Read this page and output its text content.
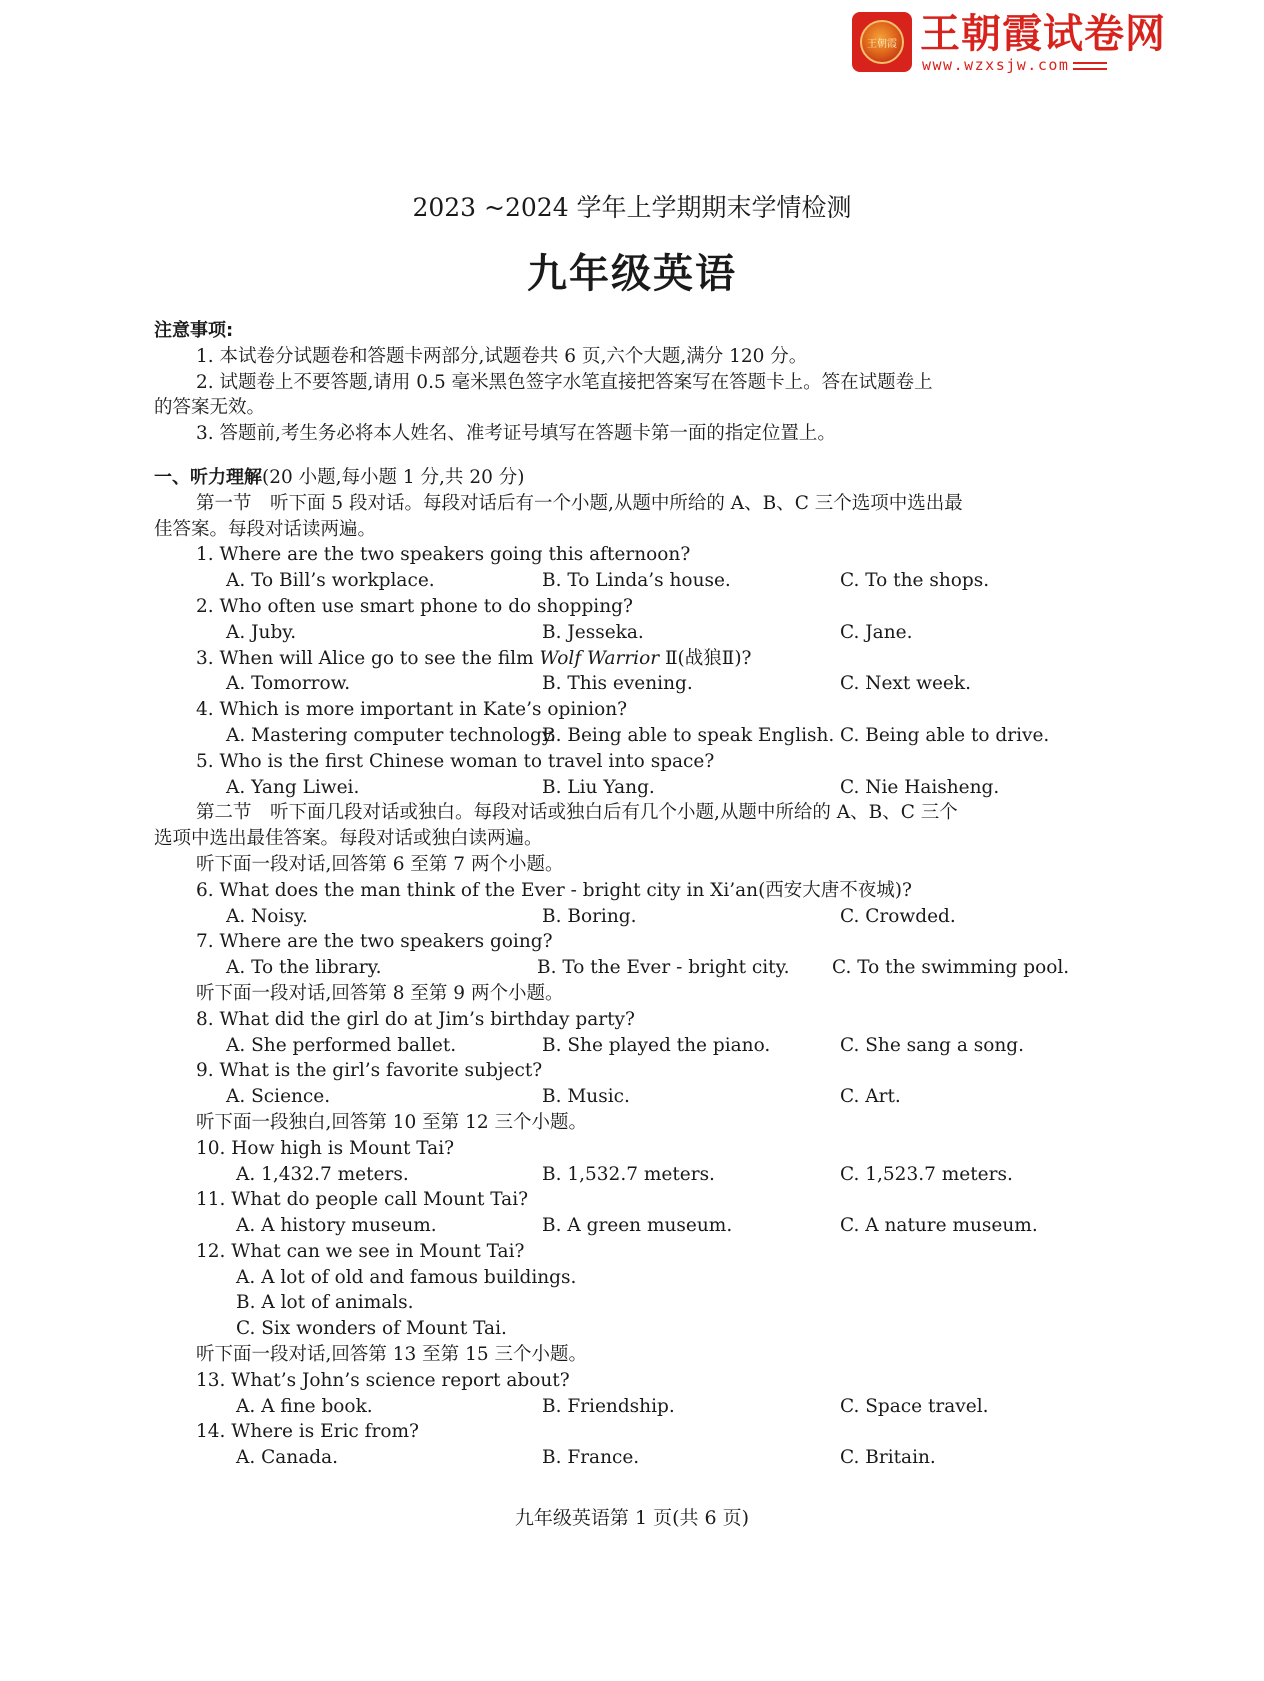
王朝霞 王朝霞试卷网
www.wzxsjw.com
2023 ~2024 学年上学期期末学情检测
九年级英语
注意事项:
1. 本试卷分试题卷和答题卡两部分,试题卷共 6 页,六个大题,满分 120 分。
2. 试题卷上不要答题,请用 0.5 毫米黑色签字水笔直接把答案写在答题卡上。答在试题卷上
的答案无效。
3. 答题前,考生务必将本人姓名、准考证号填写在答题卡第一面的指定位置上。
一、听力理解(20 小题,每小题 1 分,共 20 分)
第一节　听下面 5 段对话。每段对话后有一个小题,从题中所给的 A、B、C 三个选项中选出最
佳答案。每段对话读两遍。
1. Where are the two speakers going this afternoon?
A. To Bill’s workplace.	B. To Linda’s house.	C. To the shops.
2. Who often use smart phone to do shopping?
A. Juby.	B. Jesseka.	C. Jane.
3. When will Alice go to see the film Wolf Warrior Ⅱ(战狼Ⅱ)?
A. Tomorrow.	B. This evening.	C. Next week.
4. Which is more important in Kate’s opinion?
A. Mastering computer technology.
B. Being able to speak English. C. Being able to drive.
5. Who is the first Chinese woman to travel into space?
A. Yang Liwei.	B. Liu Yang.	C. Nie Haisheng.
第二节　听下面几段对话或独白。每段对话或独白后有几个小题,从题中所给的 A、B、C 三个
选项中选出最佳答案。每段对话或独白读两遍。
听下面一段对话,回答第 6 至第 7 两个小题。
6. What does the man think of the Ever - bright city in Xi’an(西安大唐不夜城)?
A. Noisy.	B. Boring.	C. Crowded.
7. Where are the two speakers going?
A. To the library.	B. To the Ever - bright city. C. To the swimming pool.
听下面一段对话,回答第 8 至第 9 两个小题。
8. What did the girl do at Jim’s birthday party?
A. She performed ballet.	B. She played the piano.	C. She sang a song.
9. What is the girl’s favorite subject?
A. Science.	B. Music.	C. Art.
听下面一段独白,回答第 10 至第 12 三个小题。
10. How high is Mount Tai?
A. 1,432.7 meters.	B. 1,532.7 meters.	C. 1,523.7 meters.
11. What do people call Mount Tai?
A. A history museum.	B. A green museum.	C. A nature museum.
12. What can we see in Mount Tai?
A. A lot of old and famous buildings.
B. A lot of animals.
C. Six wonders of Mount Tai.
听下面一段对话,回答第 13 至第 15 三个小题。
13. What’s John’s science report about?
A. A fine book.	B. Friendship.	C. Space travel.
14. Where is Eric from?
A. Canada.	B. France.	C. Britain.
九年级英语第 1 页(共 6 页)
